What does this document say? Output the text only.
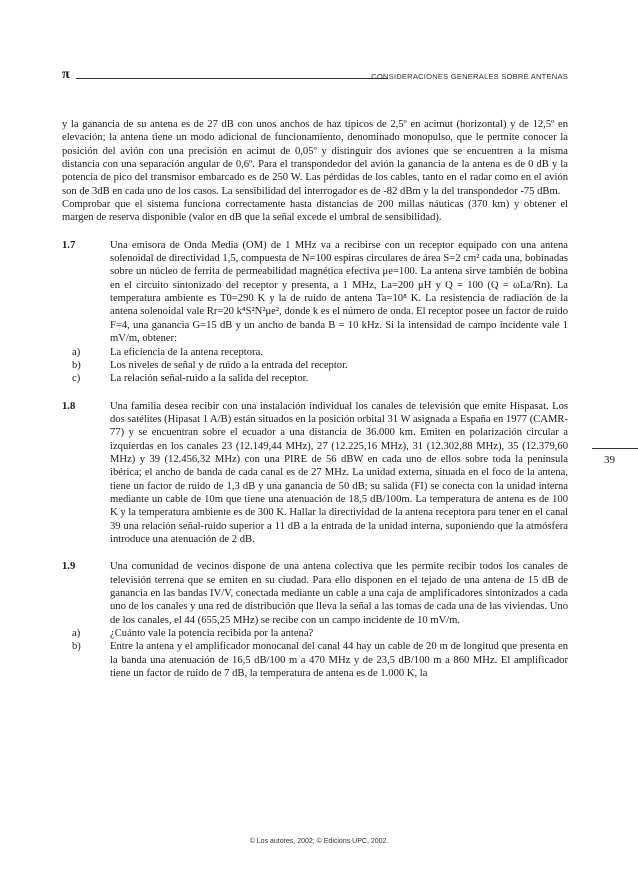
π	CONSIDERACIONES GENERALES SOBRE ANTENAS
39

y la ganancia de su antena es de 27 dB con unos anchos de haz típicos de 2,5º en acimut (horizontal) y de 12,5º en elevación; la antena tiene un modo adicional de funcionamiento, denominado monopulso, que le permite conocer la posición del avión con una precisión en acimut de 0,05º y distinguir dos aviones que se encuentren a la misma distancia con una separación angular de 0,6º. Para el transpondedor del avión la ganancia de la antena es de 0 dB y la potencia de pico del transmisor embarcado es de 250 W. Las pérdidas de los cables, tanto en el radar como en el avión son de 3dB en cada uno de los casos. La sensibilidad del interrogador es de -82 dBm y la del transpondedor -75 dBm.

Comprobar que el sistema funciona correctamente hasta distancias de 200 millas náuticas (370 km) y obtener el margen de reserva disponible (valor en dB que la señal excede el umbral de sensibilidad).

1.7	Una emisora de Onda Media (OM) de 1 MHz va a recibirse con un receptor equipado con una antena solenoidal de directividad 1,5, compuesta de N=100 espiras circulares de área S=2 cm² cada una, bobinadas sobre un núcleo de ferrita de permeabilidad magnética efectiva μe=100. La antena sirve también de bobina en el circuito sintonizado del receptor y presenta, a 1 MHz, La=200 μH y Q = 100 (Q = ωLa/Rn). La temperatura ambiente es T0=290 K y la de ruido de antena Ta=10⁸ K. La resistencia de radiación de la antena solenoidal vale Rr=20 k⁴S²N²μe², donde k es el número de onda. El receptor posee un factor de ruido F=4, una ganancia G=15 dB y un ancho de banda B = 10 kHz. Si la intensidad de campo incidente vale 1 mV/m, obtener:
a)	La eficiencia de la antena receptora.
b)	Los niveles de señal y de ruido a la entrada del receptor.
c)	La relación señal-ruido a la salida del receptor.
1.8	Una familia desea recibir con una instalación individual los canales de televisión que emite Hispasat. Los dos satélites (Hipasat 1 A/B) están situados en la posición orbital 31 W asignada a España en 1977 (CAMR-77) y se encuentran sobre el ecuador a una distancia de 36.000 km. Emiten en polarización circular a izquierdas en los canales 23 (12.149,44 MHz), 27 (12.225,16 MHz), 31 (12.302,88 MHz), 35 (12.379,60 MHz) y 39 (12.456,32 MHz) con una PIRE de 56 dBW en cada uno de ellos sobre toda la península ibérica; el ancho de banda de cada canal es de 27 MHz. La unidad externa, situada en el foco de la antena, tiene un factor de ruido de 1,3 dB y una ganancia de 50 dB; su salida (FI) se conecta con la unidad interna mediante un cable de 10m que tiene una atenuación de 18,5 dB/100m. La temperatura de antena es de 100 K y la temperatura ambiente es de 300 K. Hallar la directividad de la antena receptora para tener en el canal 39 una relación señal-ruido superior a 11 dB a la entrada de la unidad interna, suponiendo que la atmósfera introduce una atenuación de 2 dB.
1.9	Una comunidad de vecinos dispone de una antena colectiva que les permite recibir todos los canales de televisión terrena que se emiten en su ciudad. Para ello disponen en el tejado de una antena de 15 dB de ganancia en las bandas IV/V, conectada mediante un cable a una caja de amplificadores sintonizados a cada uno de los canales y una red de distribución que lleva la señal a las tomas de cada una de las viviendas. Uno de los canales, el 44 (655,25 MHz) se recibe con un campo incidente de 10 mV/m.
a)	¿Cuánto vale la potencia recibida por la antena?
b)	Entre la antena y el amplificador monocanal del canal 44 hay un cable de 20 m de longitud que presenta en la banda una atenuación de 16,5 dB/100 m a 470 MHz y de 23,5 dB/100 m a 860 MHz. El amplificador tiene un factor de ruido de 7 dB, la temperatura de antena es de 1.000 K, la
© Los autores, 2002; © Edicions UPC, 2002.
